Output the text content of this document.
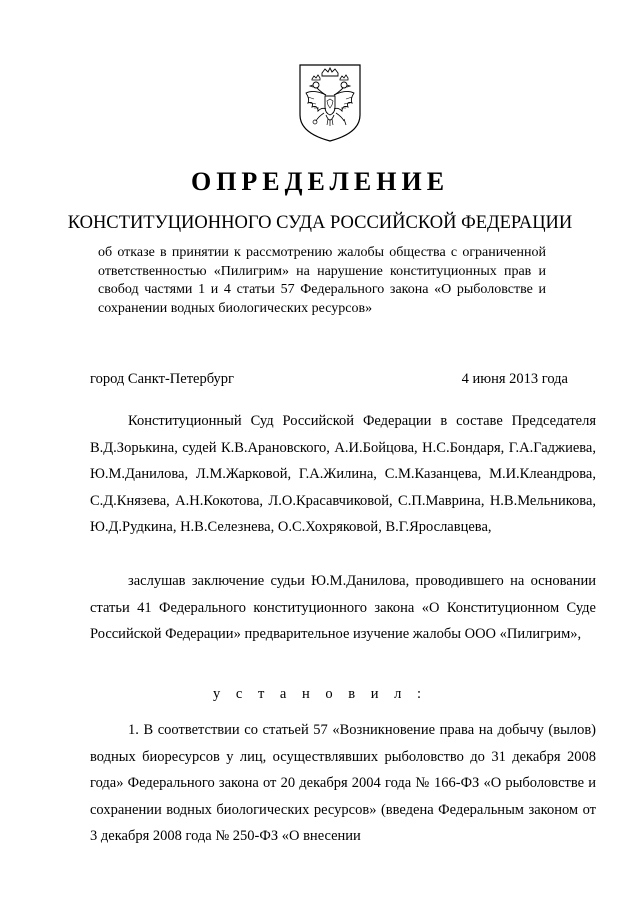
ОПРЕДЕЛЕНИЕ
КОНСТИТУЦИОННОГО СУДА РОССИЙСКОЙ ФЕДЕРАЦИИ
об отказе в принятии к рассмотрению жалобы общества с ограниченной ответственностью «Пилигрим» на нарушение конституционных прав и свобод частями 1 и 4 статьи 57 Федерального закона «О рыболовстве и сохранении водных биологических ресурсов»
город Санкт-Петербург	4 июня 2013 года
Конституционный Суд Российской Федерации в составе Председателя В.Д.Зорькина, судей К.В.Арановского, А.И.Бойцова, Н.С.Бондаря, Г.А.Гаджиева, Ю.М.Данилова, Л.М.Жарковой, Г.А.Жилина, С.М.Казанцева, М.И.Клеандрова, С.Д.Князева, А.Н.Кокотова, Л.О.Красавчиковой, С.П.Маврина, Н.В.Мельникова, Ю.Д.Рудкина, Н.В.Селезнева, О.С.Хохряковой, В.Г.Ярославцева,
заслушав заключение судьи Ю.М.Данилова, проводившего на основании статьи 41 Федерального конституционного закона «О Конституционном Суде Российской Федерации» предварительное изучение жалобы ООО «Пилигрим»,
у с т а н о в и л :
1. В соответствии со статьей 57 «Возникновение права на добычу (вылов) водных биоресурсов у лиц, осуществлявших рыболовство до 31 декабря 2008 года» Федерального закона от 20 декабря 2004 года № 166-ФЗ «О рыболовстве и сохранении водных биологических ресурсов» (введена Федеральным законом от 3 декабря 2008 года № 250-ФЗ «О внесении
